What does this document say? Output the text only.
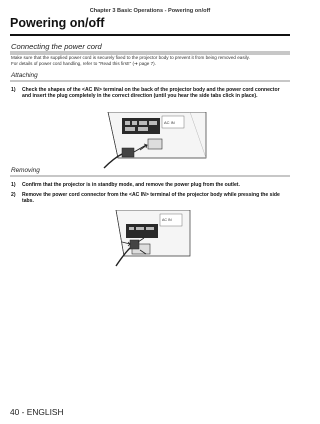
Chapter 3 Basic Operations - Powering on/off
Powering on/off
Connecting the power cord
Make sure that the supplied power cord is securely fixed to the projector body to prevent it from being removed easily.
For details of power cord handling, refer to "Read this first!" (➜ page 7).
Attaching
1) Check the shapes of the <AC IN> terminal on the back of the projector body and the power cord connector and insert the plug completely in the correct direction (until you hear the side tabs click in place).
AC IN
Removing
1) Confirm that the projector is in standby mode, and remove the power plug from the outlet.
2) Remove the power cord connector from the <AC IN> terminal of the projector body while pressing the side tabs.
AC IN
40 - ENGLISH
